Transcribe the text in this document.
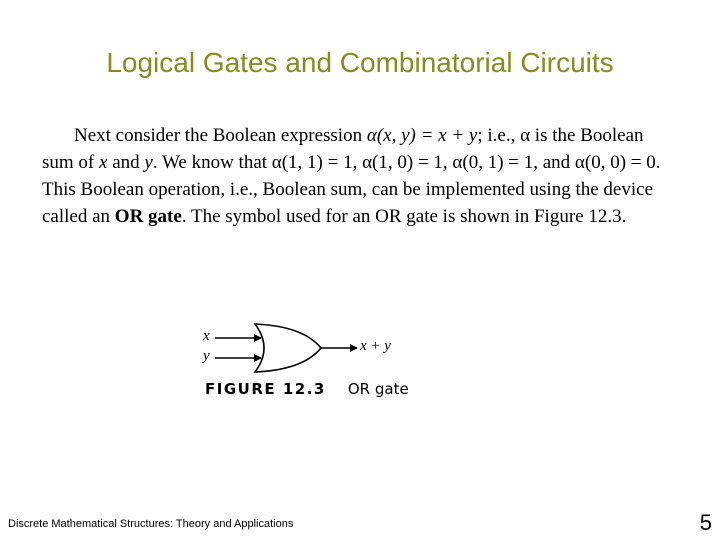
Logical Gates and Combinatorial Circuits
Next consider the Boolean expression α(x, y) = x + y; i.e., α is the Boolean
sum of x and y. We know that α(1, 1) = 1, α(1, 0) = 1, α(0, 1) = 1, and α(0, 0) = 0.
This Boolean operation, i.e., Boolean sum, can be implemented using the device
called an OR gate. The symbol used for an OR gate is shown in Figure 12.3.
x
y
x + y
FIGURE 12.3 OR gate
Discrete Mathematical Structures: Theory and Applications	5
